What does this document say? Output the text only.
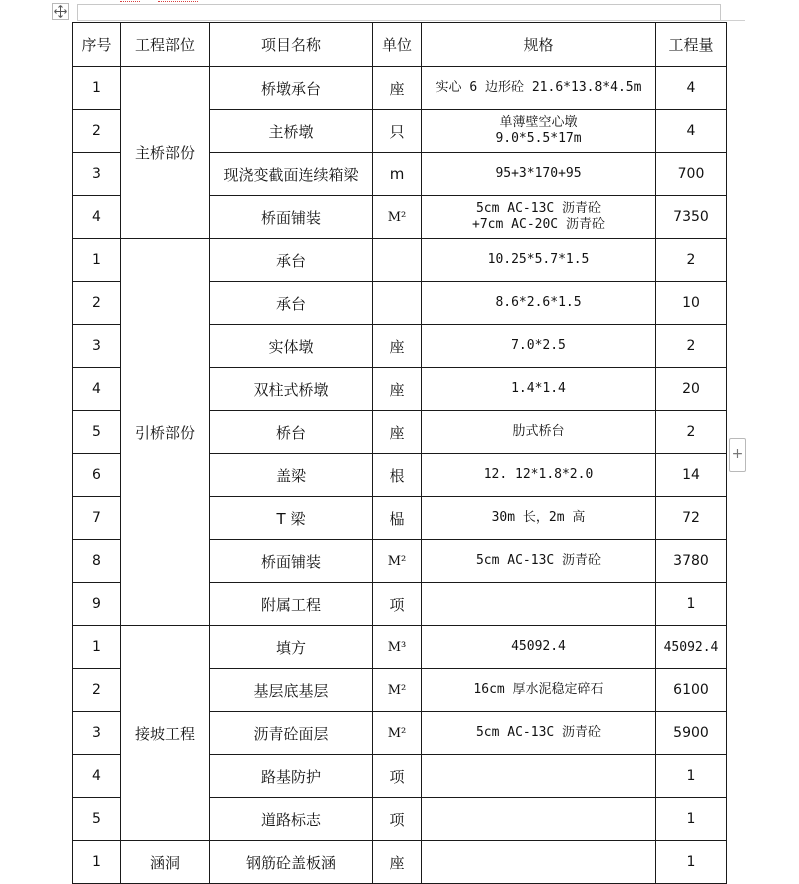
+
序号	工程部位	项目名称	单位	规格	工程量
1	主桥部份	桥墩承台	座	实心 6 边形砼 21.6*13.8*4.5m	4
2		主桥墩	只	单薄壁空心墩
9.0*5.5*17m	4
3		现浇变截面连续箱梁	m	95+3*170+95	700
4		桥面铺装	M²	5cm AC-13C 沥青砼
+7cm AC-20C 沥青砼	7350
1	引桥部份	承台		10.25*5.7*1.5	2
2		承台		8.6*2.6*1.5	10
3		实体墩	座	7.0*2.5	2
4		双柱式桥墩	座	1.4*1.4	20
5		桥台	座	肋式桥台	2
6		盖梁	根	12. 12*1.8*2.0	14
7		T 梁	榀	30m 长，2m 高	72
8		桥面铺装	M²	5cm AC-13C 沥青砼	3780
9		附属工程	项		1
1	接坡工程	填方	M³	45092.4	45092.4
2		基层底基层	M²	16cm 厚水泥稳定碎石	6100
3		沥青砼面层	M²	5cm AC-13C 沥青砼	5900
4		路基防护	项		1
5		道路标志	项		1
1	涵洞	钢筋砼盖板涵	座		1
